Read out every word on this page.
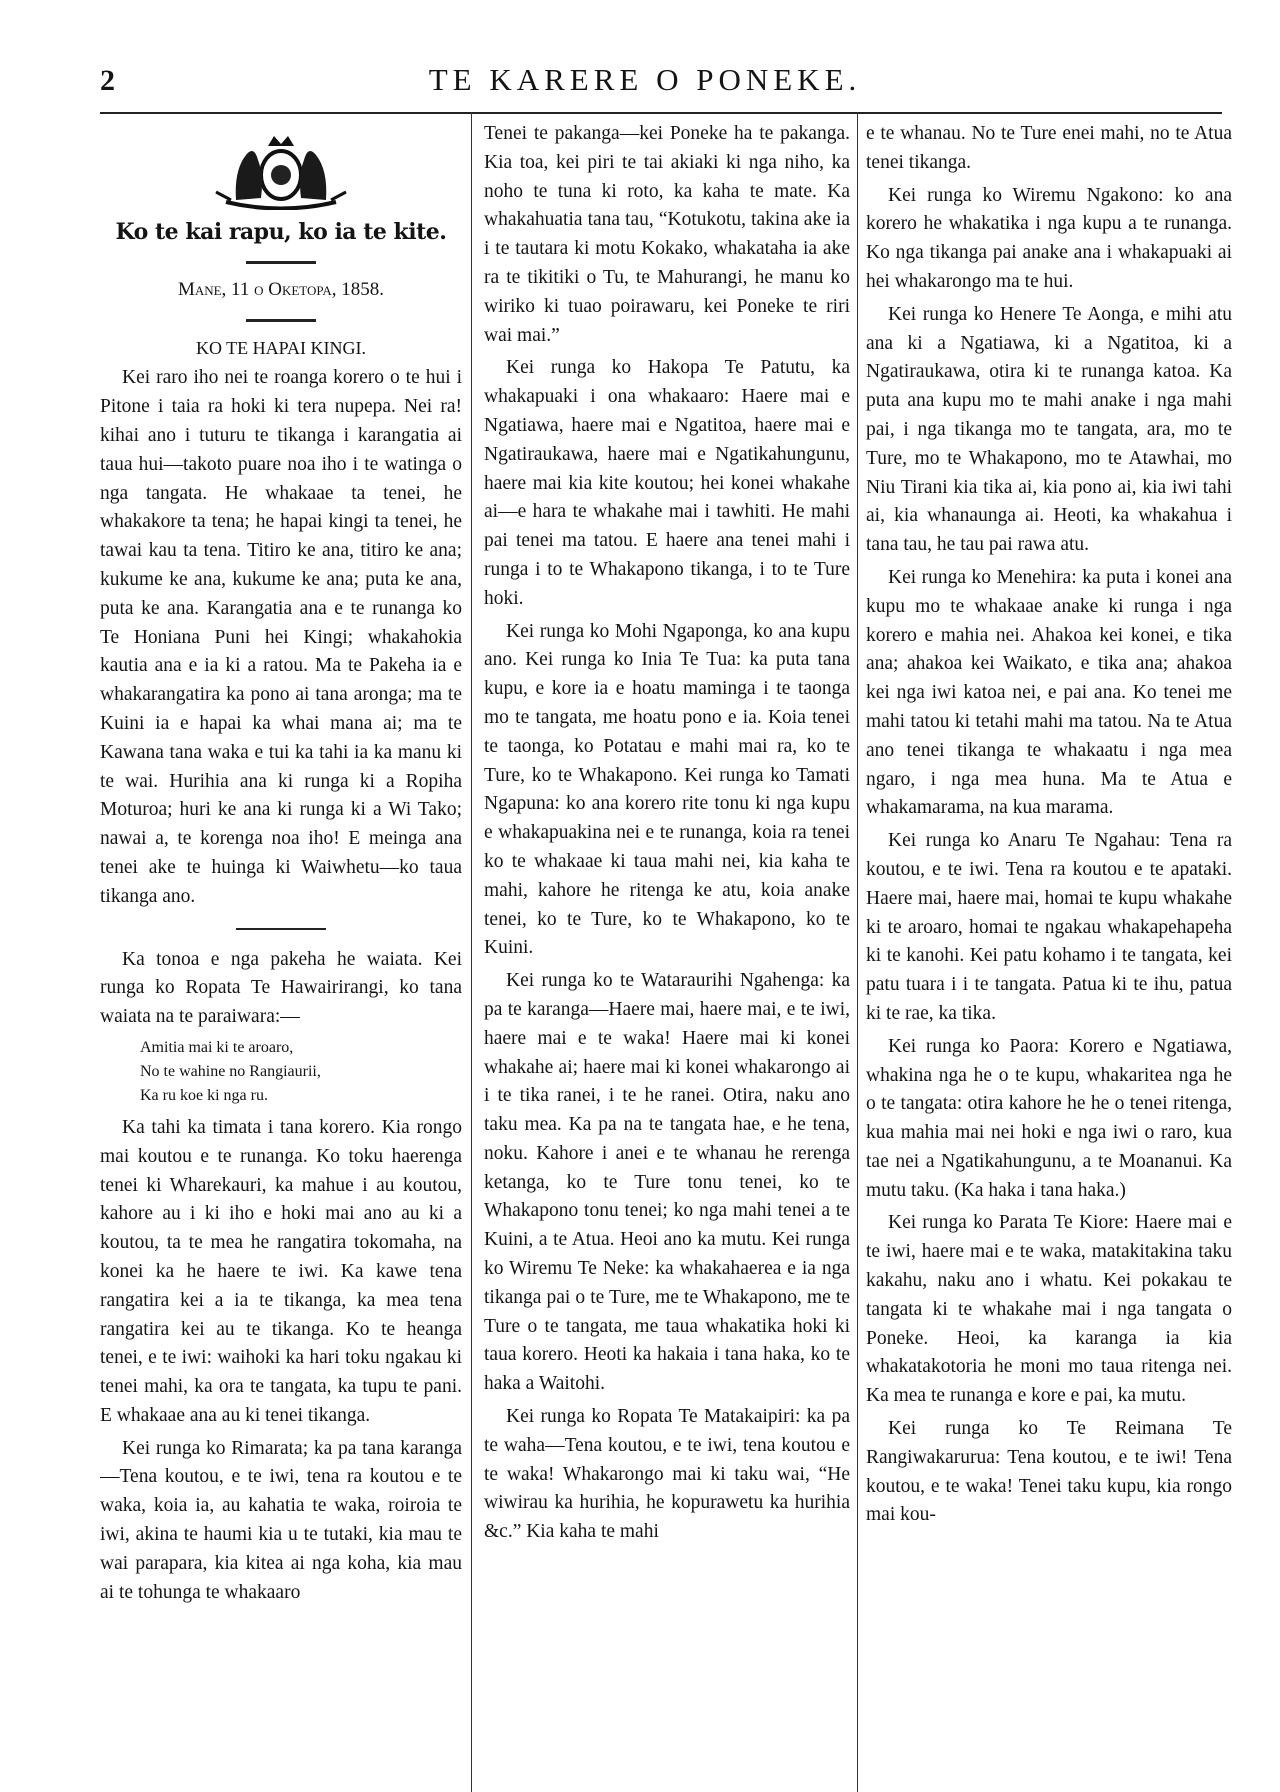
2	TE KARERE O PONEKE.
Ko te kai rapu, ko ia te kite.
Mane, 11 o Oketopa, 1858.
KO TE HAPAI KINGI.

Kei raro iho nei te roanga korero o te hui i Pitone i taia ra hoki ki tera nupepa. Nei ra! kihai ano i tuturu te tikanga i karangatia ai taua hui—takoto puare noa iho i te watinga o nga tangata. He whakaae ta tenei, he whakakore ta tena; he hapai kingi ta tenei, he tawai kau ta tena. Titiro ke ana, titiro ke ana; kukume ke ana, kukume ke ana; puta ke ana, puta ke ana. Karangatia ana e te runanga ko Te Honiana Puni hei Kingi; whakahokia kautia ana e ia ki a ratou. Ma te Pakeha ia e whakarangatira ka pono ai tana aronga; ma te Kuini ia e hapai ka whai mana ai; ma te Kawana tana waka e tui ka tahi ia ka manu ki te wai. Hurihia ana ki runga ki a Ropiha Moturoa; huri ke ana ki runga ki a Wi Tako; nawai a, te korenga noa iho! E meinga ana tenei ake te huinga ki Waiwhetu—ko taua tikanga ano.

Ka tonoa e nga pakeha he waiata. Kei runga ko Ropata Te Hawairirangi, ko tana waiata na te paraiwara:—

Amitia mai ki te aroaro,
No te wahine no Rangiaurii,
Ka ru koe ki nga ru.

Ka tahi ka timata i tana korero. Kia rongo mai koutou e te runanga. Ko toku haerenga tenei ki Wharekauri, ka mahue i au koutou, kahore au i ki iho e hoki mai ano au ki a koutou, ta te mea he rangatira tokomaha, na konei ka he haere te iwi. Ka kawe tena rangatira kei a ia te tikanga, ka mea tena rangatira kei au te tikanga. Ko te heanga tenei, e te iwi: waihoki ka hari toku ngakau ki tenei mahi, ka ora te tangata, ka tupu te pani. E whakaae ana au ki tenei tikanga.

Kei runga ko Rimarata; ka pa tana karanga—Tena koutou, e te iwi, tena ra koutou e te waka, koia ia, au kahatia te waka, roiroia te iwi, akina te haumi kia u te tutaki, kia mau te wai parapara, kia kitea ai nga koha, kia mau ai te tohunga te whakaaro

Tenei te pakanga—kei Poneke ha te pakanga. Kia toa, kei piri te tai akiaki ki nga niho, ka noho te tuna ki roto, ka kaha te mate. Ka whakahuatia tana tau, “Kotukotu, takina ake ia i te tautara ki motu Kokako, whakataha ia ake ra te tikitiki o Tu, te Mahurangi, he manu ko wiriko ki tuao poirawaru, kei Poneke te riri wai mai.”

Kei runga ko Hakopa Te Patutu, ka whakapuaki i ona whakaaro: Haere mai e Ngatiawa, haere mai e Ngatitoa, haere mai e Ngatiraukawa, haere mai e Ngatikahungunu, haere mai kia kite koutou; hei konei whakahe ai—e hara te whakahe mai i tawhiti. He mahi pai tenei ma tatou. E haere ana tenei mahi i runga i to te Whakapono tikanga, i to te Ture hoki.

Kei runga ko Mohi Ngaponga, ko ana kupu ano. Kei runga ko Inia Te Tua: ka puta tana kupu, e kore ia e hoatu maminga i te taonga mo te tangata, me hoatu pono e ia. Koia tenei te taonga, ko Potatau e mahi mai ra, ko te Ture, ko te Whakapono. Kei runga ko Tamati Ngapuna: ko ana korero rite tonu ki nga kupu e whakapuakina nei e te runanga, koia ra tenei ko te whakaae ki taua mahi nei, kia kaha te mahi, kahore he ritenga ke atu, koia anake tenei, ko te Ture, ko te Whakapono, ko te Kuini.

Kei runga ko te Wataraurihi Ngahenga: ka pa te karanga—Haere mai, haere mai, e te iwi, haere mai e te waka! Haere mai ki konei whakahe ai; haere mai ki konei whakarongo ai i te tika ranei, i te he ranei. Otira, naku ano taku mea. Ka pa na te tangata hae, e he tena, noku. Kahore i anei e te whanau he rerenga ketanga, ko te Ture tonu tenei, ko te Whakapono tonu tenei; ko nga mahi tenei a te Kuini, a te Atua. Heoi ano ka mutu. Kei runga ko Wiremu Te Neke: ka whakahaerea e ia nga tikanga pai o te Ture, me te Whakapono, me te Ture o te tangata, me taua whakatika hoki ki taua korero. Heoti ka hakaia i tana haka, ko te haka a Waitohi.

Kei runga ko Ropata Te Matakaipiri: ka pa te waha—Tena koutou, e te iwi, tena koutou e te waka! Whakarongo mai ki taku wai, “He wiwirau ka hurihia, he kopurawetu ka hurihia &c.” Kia kaha te mahi

e te whanau. No te Ture enei mahi, no te Atua tenei tikanga.

Kei runga ko Wiremu Ngakono: ko ana korero he whakatika i nga kupu a te runanga. Ko nga tikanga pai anake ana i whakapuaki ai hei whakarongo ma te hui.

Kei runga ko Henere Te Aonga, e mihi atu ana ki a Ngatiawa, ki a Ngatitoa, ki a Ngatiraukawa, otira ki te runanga katoa. Ka puta ana kupu mo te mahi anake i nga mahi pai, i nga tikanga mo te tangata, ara, mo te Ture, mo te Whakapono, mo te Atawhai, mo Niu Tirani kia tika ai, kia pono ai, kia iwi tahi ai, kia whanaunga ai. Heoti, ka whakahua i tana tau, he tau pai rawa atu.

Kei runga ko Menehira: ka puta i konei ana kupu mo te whakaae anake ki runga i nga korero e mahia nei. Ahakoa kei konei, e tika ana; ahakoa kei Waikato, e tika ana; ahakoa kei nga iwi katoa nei, e pai ana. Ko tenei me mahi tatou ki tetahi mahi ma tatou. Na te Atua ano tenei tikanga te whakaatu i nga mea ngaro, i nga mea huna. Ma te Atua e whakamarama, na kua marama.

Kei runga ko Anaru Te Ngahau: Tena ra koutou, e te iwi. Tena ra koutou e te apataki. Haere mai, haere mai, homai te kupu whakahe ki te aroaro, homai te ngakau whakapehapeha ki te kanohi. Kei patu kohamo i te tangata, kei patu tuara i i te tangata. Patua ki te ihu, patua ki te rae, ka tika.

Kei runga ko Paora: Korero e Ngatiawa, whakina nga he o te kupu, whakaritea nga he o te tangata: otira kahore he he o tenei ritenga, kua mahia mai nei hoki e nga iwi o raro, kua tae nei a Ngatikahungunu, a te Moananui. Ka mutu taku. (Ka haka i tana haka.)

Kei runga ko Parata Te Kiore: Haere mai e te iwi, haere mai e te waka, matakitakina taku kakahu, naku ano i whatu. Kei pokakau te tangata ki te whakahe mai i nga tangata o Poneke. Heoi, ka karanga ia kia whakatakotoria he moni mo taua ritenga nei. Ka mea te runanga e kore e pai, ka mutu.

Kei runga ko Te Reimana Te Rangiwakarurua: Tena koutou, e te iwi! Tena koutou, e te waka! Tenei taku kupu, kia rongo mai kou-
